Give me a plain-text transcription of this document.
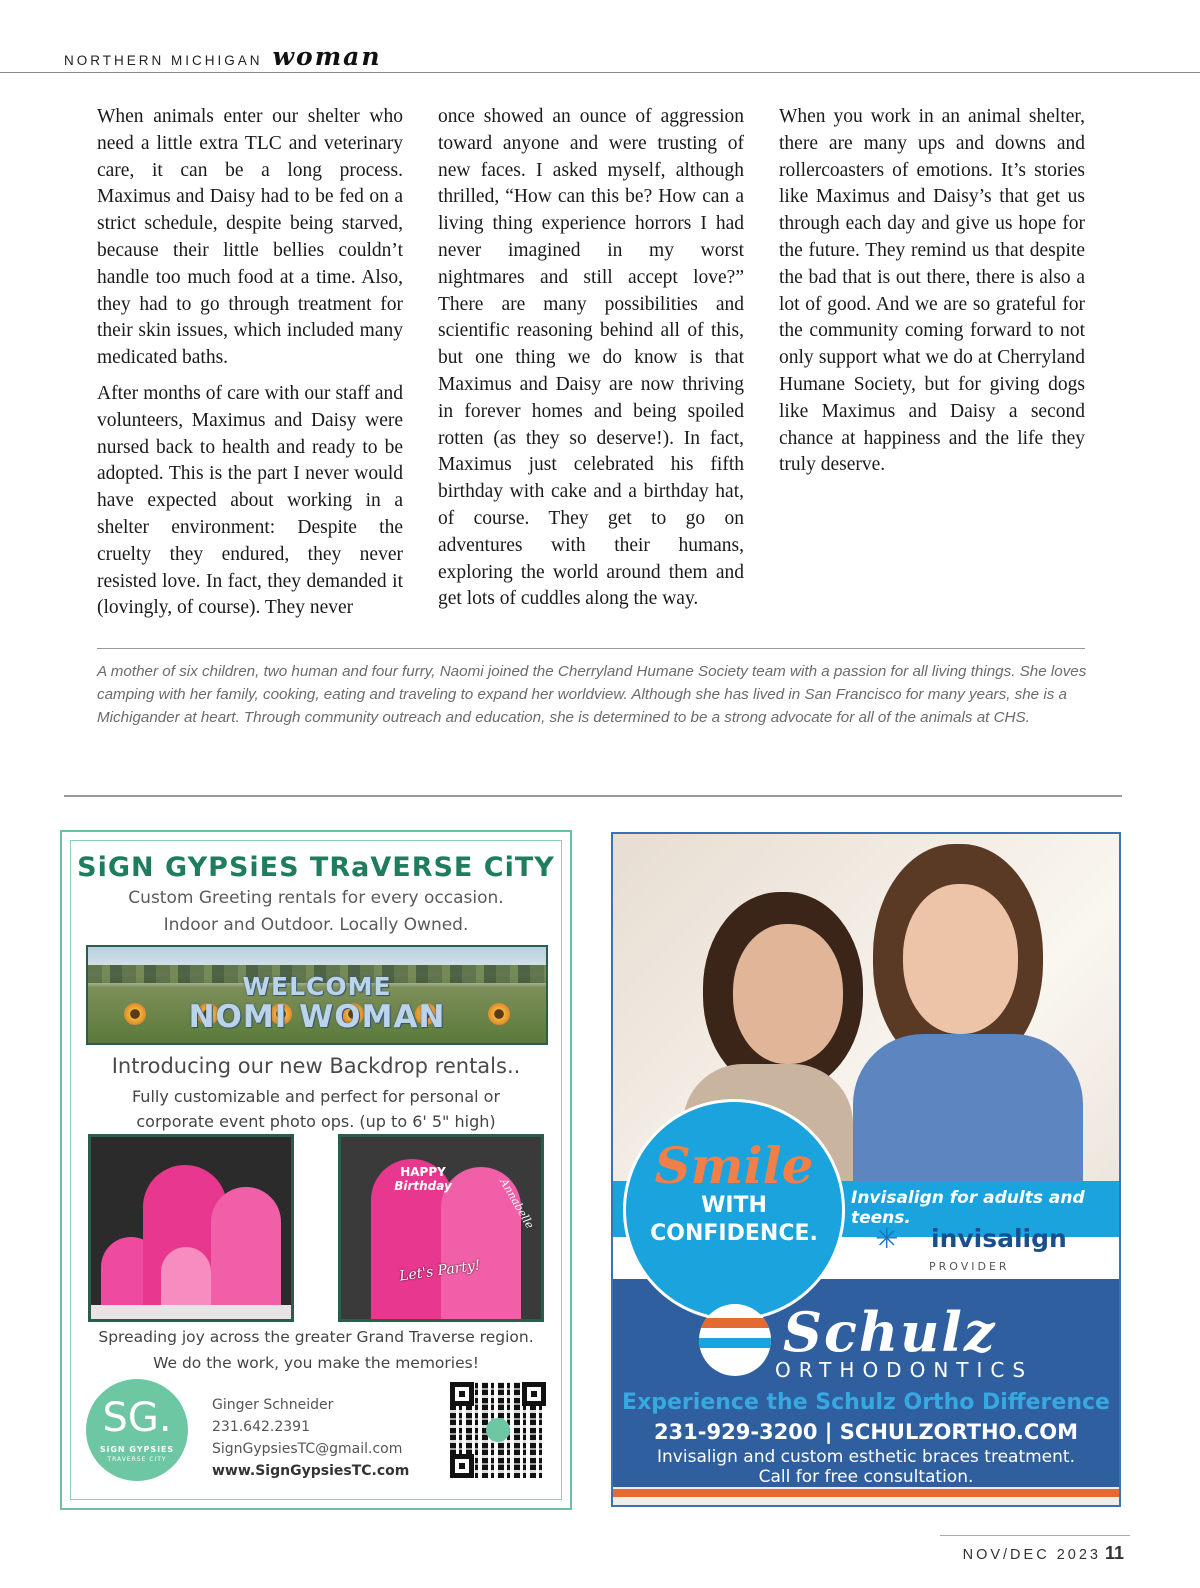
NORTHERN MICHIGAN woman

When animals enter our shelter who need a little extra TLC and veterinary care, it can be a long process. Maximus and Daisy had to be fed on a strict schedule, despite being starved, because their little bellies couldn’t handle too much food at a time. Also, they had to go through treatment for their skin issues, which included many medicated baths.

After months of care with our staff and volunteers, Maximus and Daisy were nursed back to health and ready to be adopted. This is the part I never would have expected about working in a shelter environment: Despite the cruelty they endured, they never resisted love. In fact, they demanded it (lovingly, of course). They never

once showed an ounce of aggression toward anyone and were trusting of new faces. I asked myself, although thrilled, “How can this be? How can a living thing experience horrors I had never imagined in my worst nightmares and still accept love?” There are many possibilities and scientific reasoning behind all of this, but one thing we do know is that Maximus and Daisy are now thriving in forever homes and being spoiled rotten (as they so deserve!). In fact, Maximus just celebrated his fifth birthday with cake and a birthday hat, of course. They get to go on adventures with their humans, exploring the world around them and get lots of cuddles along the way.

When you work in an animal shelter, there are many ups and downs and rollercoasters of emotions. It’s stories like Maximus and Daisy’s that get us through each day and give us hope for the future. They remind us that despite the bad that is out there, there is also a lot of good. And we are so grateful for the community coming forward to not only support what we do at Cherryland Humane Society, but for giving dogs like Maximus and Daisy a second chance at happiness and the life they truly deserve.

A mother of six children, two human and four furry, Naomi joined the Cherryland Humane Society team with a passion for all living things. She loves camping with her family, cooking, eating and traveling to expand her worldview. Although she has lived in San Francisco for many years, she is a Michigander at heart. Through community outreach and education, she is determined to be a strong advocate for all of the animals at CHS.
SiGN GYPSiES TRaVERSE CiTY
Custom Greeting rentals for every occasion.
Indoor and Outdoor. Locally Owned.
WELCOME
NOMI WOMAN
Introducing our new Backdrop rentals..
Fully customizable and perfect for personal or
corporate event photo ops. (up to 6' 5" high)
HAPPY
Birthday	Annabelle
Let's Party!
Spreading joy across the greater Grand Traverse region.
We do the work, you make the memories!
SG.
SiGN GYPSiES
TRAVERSE CITY
Ginger Schneider
231.642.2391
SignGypsiesTC@gmail.com
www.SignGypsiesTC.com
Invisalign for adults and teens.
✳ invisalign
PROVIDER
Smile
WITH
CONFIDENCE.
Schulz
ORTHODONTICS
Experience the Schulz Ortho Difference
231-929-3200 | SCHULZORTHO.COM
Invisalign and custom esthetic braces treatment.
Call for free consultation.
NOV/DEC 2023 11
